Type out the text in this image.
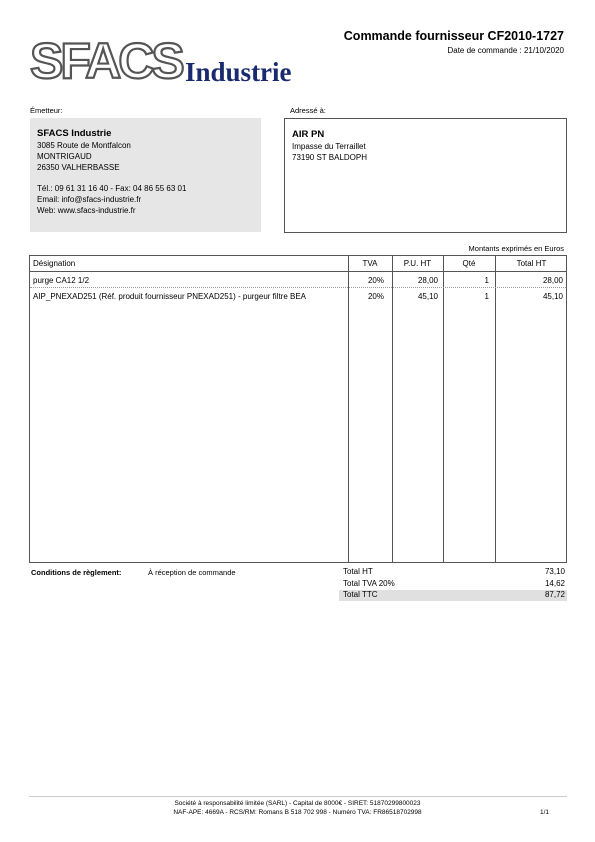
SFACS Industrie
Commande fournisseur CF2010-1727
Date de commande : 21/10/2020
Émetteur:	Adressé à:
SFACS Industrie
3085 Route de Montfalcon
MONTRIGAUD
26350 VALHERBASSE
Tél.: 09 61 31 16 40 - Fax: 04 86 55 63 01
Email: info@sfacs-industrie.fr
Web: www.sfacs-industrie.fr
AIR PN
Impasse du Terraillet
73190 ST BALDOPH
Montants exprimés en Euros
Désignation	TVA	P.U. HT	Qté	Total HT
purge CA12 1/2	20%	28,00	1	28,00
AIP_PNEXAD251 (Réf. produit fournisseur PNEXAD251) - purgeur filtre BEA	20%	45,10	1	45,10
Conditions de règlement:	À réception de commande	Total HT	73,10
Total TVA 20%	14,62
Total TTC	87,72
Société à responsabilité limitée (SARL) - Capital de 8000€ - SIRET: 51870299800023
NAF-APE: 4669A - RCS/RM: Romans B 518 702 998 - Numéro TVA: FR86518702998	1/1
